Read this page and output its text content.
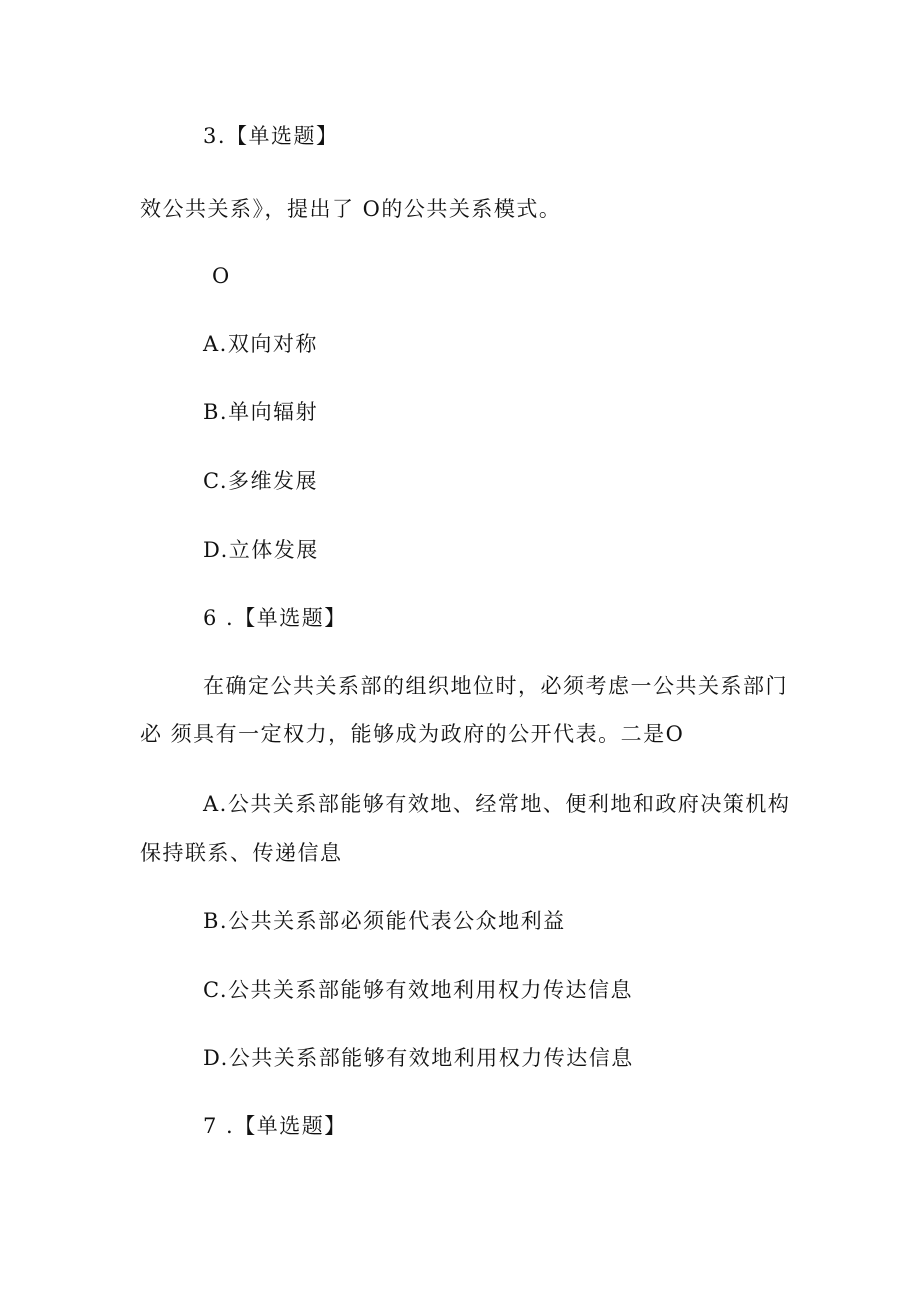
3.【单选题】
效公共关系》，提出了 O的公共关系模式。
O
A.双向对称
B.单向辐射
C.多维发展
D.立体发展
6 .【单选题】
在确定公共关系部的组织地位时，必须考虑一公共关系部门
必 须具有一定权力，能够成为政府的公开代表。二是O
A.公共关系部能够有效地、经常地、便利地和政府决策机构
保持联系、传递信息
B.公共关系部必须能代表公众地利益
C.公共关系部能够有效地利用权力传达信息
D.公共关系部能够有效地利用权力传达信息
7 .【单选题】
